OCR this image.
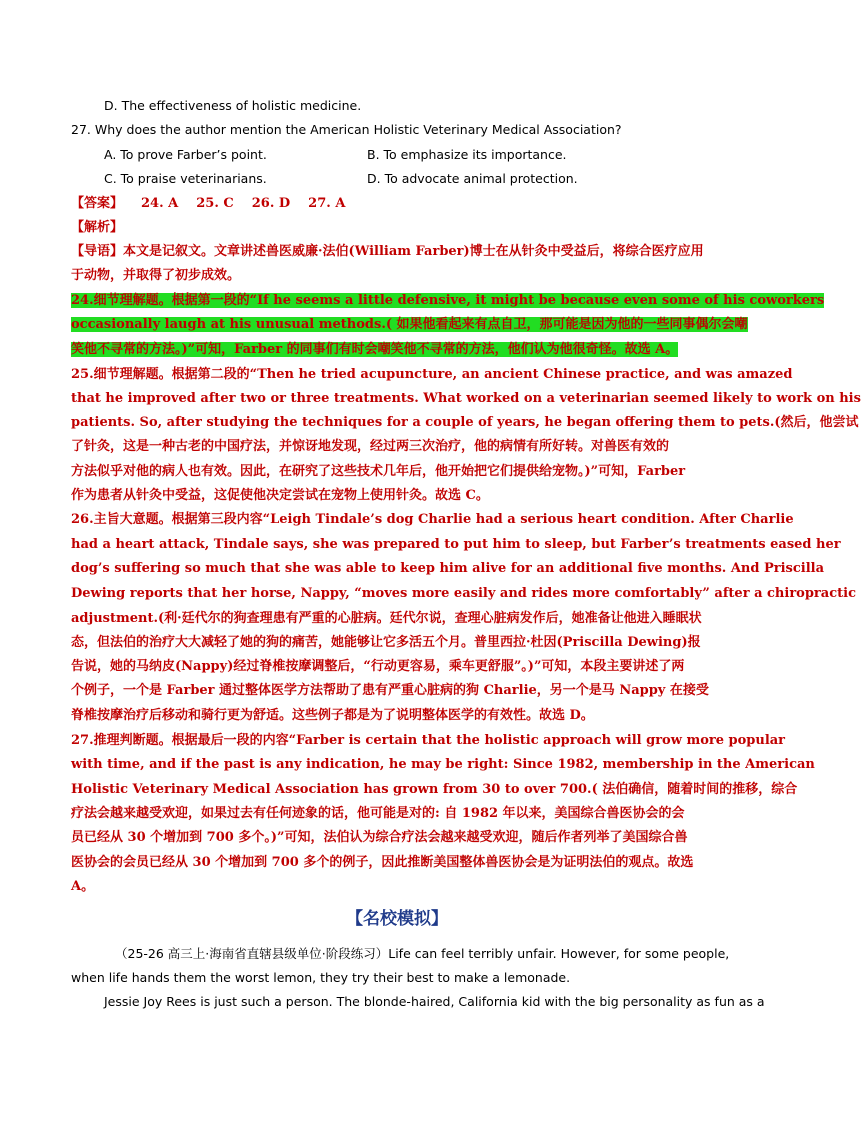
D. The effectiveness of holistic medicine.
27. Why does the author mention the American Holistic Veterinary Medical Association?
A. To prove Farber’s point.	B. To emphasize its importance.
C. To praise veterinarians.	D. To advocate animal protection.
【答案】 24. A 25. C 26. D 27. A
【解析】
【导语】本文是记叙文。文章讲述兽医威廉·法伯(William Farber)博士在从针灸中受益后，将综合医疗应用
于动物，并取得了初步成效。
24.细节理解题。根据第一段的“If he seems a little defensive, it might be because even some of his coworkers
occasionally laugh at his unusual methods.( 如果他看起来有点自卫，那可能是因为他的一些同事偶尔会嘲
笑他不寻常的方法。)”可知，Farber 的同事们有时会嘲笑他不寻常的方法，他们认为他很奇怪。故选 A。
25.细节理解题。根据第二段的“Then he tried acupuncture, an ancient Chinese practice, and was amazed
that he improved after two or three treatments. What worked on a veterinarian seemed likely to work on his
patients. So, after studying the techniques for a couple of years, he began offering them to pets.(然后，他尝试
了针灸，这是一种古老的中国疗法，并惊讶地发现，经过两三次治疗，他的病情有所好转。对兽医有效的
方法似乎对他的病人也有效。因此，在研究了这些技术几年后，他开始把它们提供给宠物。)”可知，Farber
作为患者从针灸中受益，这促使他决定尝试在宠物上使用针灸。故选 C。
26.主旨大意题。根据第三段内容“Leigh Tindale’s dog Charlie had a serious heart condition. After Charlie
had a heart attack, Tindale says, she was prepared to put him to sleep, but Farber’s treatments eased her
dog’s suffering so much that she was able to keep him alive for an additional five months. And Priscilla
Dewing reports that her horse, Nappy, “moves more easily and rides more comfortably” after a chiropractic
adjustment.(利·廷代尔的狗查理患有严重的心脏病。廷代尔说，查理心脏病发作后，她准备让他进入睡眠状
态，但法伯的治疗大大减轻了她的狗的痛苦，她能够让它多活五个月。普里西拉·杜因(Priscilla Dewing)报
告说，她的马纳皮(Nappy)经过脊椎按摩调整后，“行动更容易，乘车更舒服”。)”可知，本段主要讲述了两
个例子，一个是 Farber 通过整体医学方法帮助了患有严重心脏病的狗 Charlie，另一个是马 Nappy 在接受
脊椎按摩治疗后移动和骑行更为舒适。这些例子都是为了说明整体医学的有效性。故选 D。
27.推理判断题。根据最后一段的内容“Farber is certain that the holistic approach will grow more popular
with time, and if the past is any indication, he may be right: Since 1982, membership in the American
Holistic Veterinary Medical Association has grown from 30 to over 700.( 法伯确信，随着时间的推移，综合
疗法会越来越受欢迎，如果过去有任何迹象的话，他可能是对的: 自 1982 年以来，美国综合兽医协会的会
员已经从 30 个增加到 700 多个。)”可知，法伯认为综合疗法会越来越受欢迎，随后作者列举了美国综合兽
医协会的会员已经从 30 个增加到 700 多个的例子，因此推断美国整体兽医协会是为证明法伯的观点。故选
A。
【名校模拟】
（25-26 高三上·海南省直辖县级单位·阶段练习）Life can feel terribly unfair. However, for some people,
when life hands them the worst lemon, they try their best to make a lemonade.
Jessie Joy Rees is just such a person. The blonde-haired, California kid with the big personality as fun as a
